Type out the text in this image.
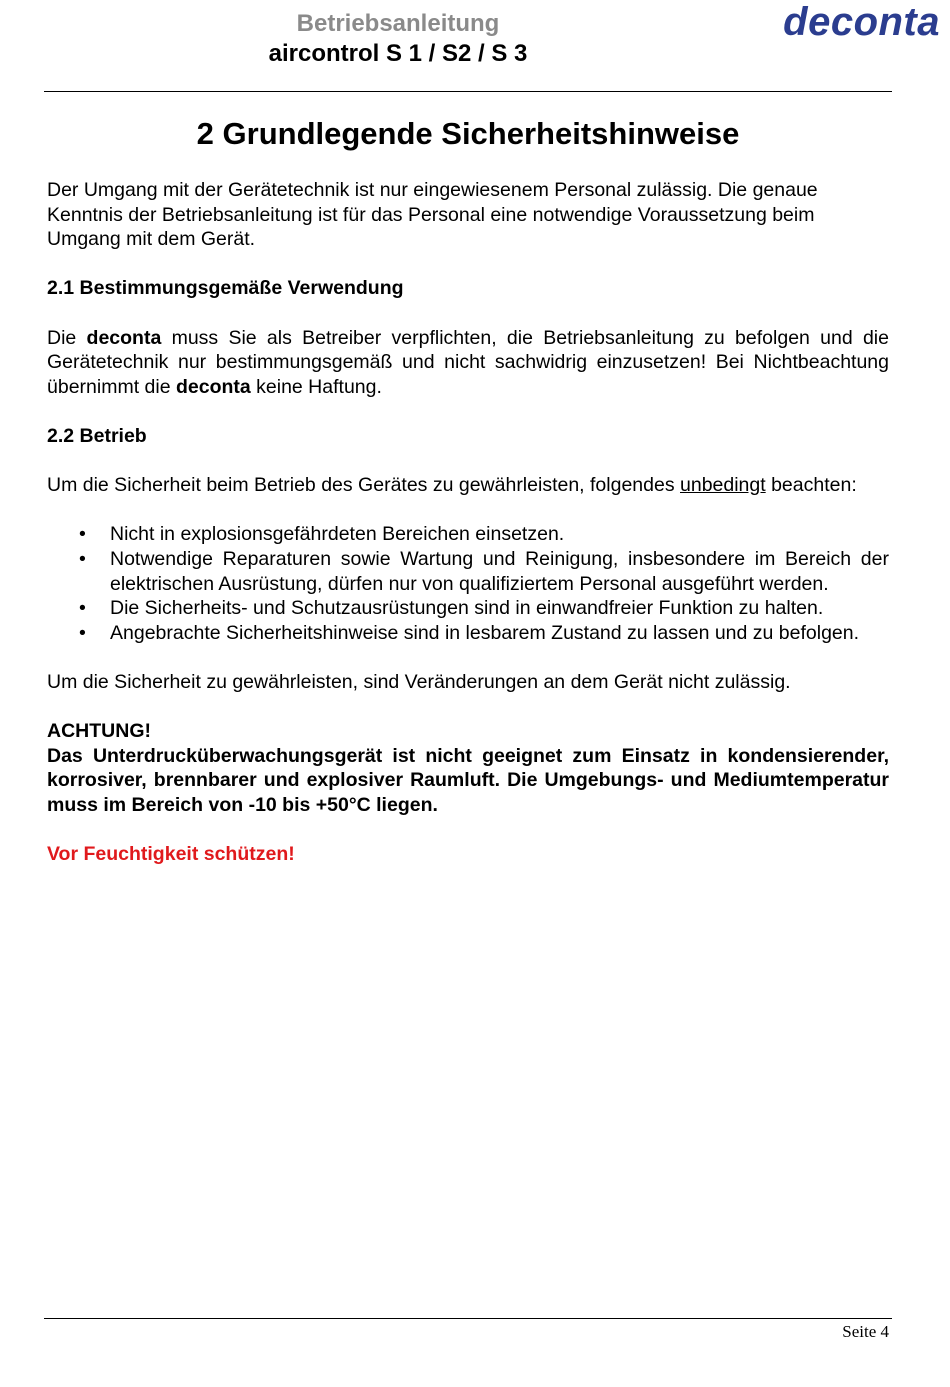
Betriebsanleitung
aircontrol S 1 / S2 / S 3
deconta
2 Grundlegende Sicherheitshinweise

Der Umgang mit der Gerätetechnik ist nur eingewiesenem Personal zulässig. Die genaue Kenntnis der Betriebsanleitung ist für das Personal eine notwendige Voraussetzung beim Umgang mit dem Gerät.

2.1 Bestimmungsgemäße Verwendung

Die deconta muss Sie als Betreiber verpflichten, die Betriebsanleitung zu befolgen und die Gerätetechnik nur bestimmungsgemäß und nicht sachwidrig einzusetzen! Bei Nichtbeachtung übernimmt die deconta keine Haftung.

2.2 Betrieb

Um die Sicherheit beim Betrieb des Gerätes zu gewährleisten, folgendes unbedingt beachten:

• Nicht in explosionsgefährdeten Bereichen einsetzen.
• Notwendige Reparaturen sowie Wartung und Reinigung, insbesondere im Bereich der elektrischen Ausrüstung, dürfen nur von qualifiziertem Personal ausgeführt werden.
• Die Sicherheits- und Schutzausrüstungen sind in einwandfreier Funktion zu halten.
• Angebrachte Sicherheitshinweise sind in lesbarem Zustand zu lassen und zu befolgen.

Um die Sicherheit zu gewährleisten, sind Veränderungen an dem Gerät nicht zulässig.

ACHTUNG!
Das Unterdrucküberwachungsgerät ist nicht geeignet zum Einsatz in kondensierender, korrosiver, brennbarer und explosiver Raumluft. Die Umgebungs- und Mediumtemperatur muss im Bereich von -10 bis +50°C liegen.

Vor Feuchtigkeit schützen!

Seite 4
